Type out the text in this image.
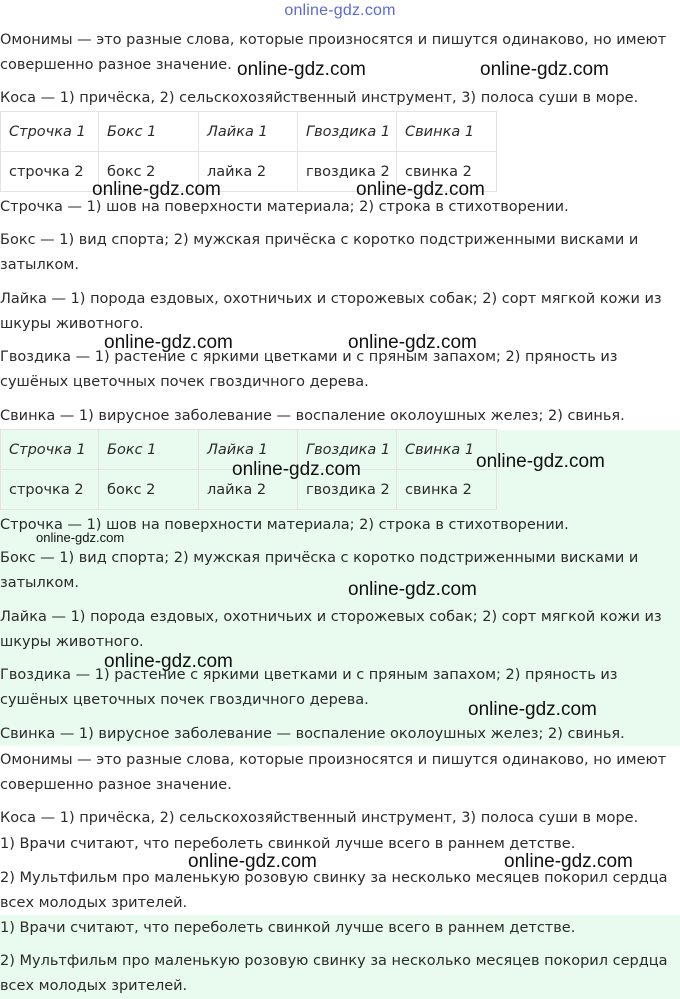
online-gdz.com

Омонимы — это разные слова, которые произносятся и пишутся одинаково, но имеют совершенно разное значение.

Коса — 1) причёска, 2) сельскохозяйственный инструмент, 3) полоса суши в море.

Строчка 1	Бокс 1	Лайка 1	Гвоздика 1	Свинка 1
строчка 2	бокс 2	лайка 2	гвоздика 2	свинка 2

Строчка — 1) шов на поверхности материала; 2) строка в стихотворении.

Бокс — 1) вид спорта; 2) мужская причёска с коротко подстриженными висками и затылком.

Лайка — 1) порода ездовых, охотничьих и сторожевых собак; 2) сорт мягкой кожи из шкуры животного.

Гвоздика — 1) растение с яркими цветками и с пряным запахом; 2) пряность из сушёных цветочных почек гвоздичного дерева.

Свинка — 1) вирусное заболевание — воспаление околоушных желез; 2) свинья.

Строчка 1	Бокс 1	Лайка 1	Гвоздика 1	Свинка 1
строчка 2	бокс 2	лайка 2	гвоздика 2	свинка 2

Строчка — 1) шов на поверхности материала; 2) строка в стихотворении.

Бокс — 1) вид спорта; 2) мужская причёска с коротко подстриженными висками и затылком.

Лайка — 1) порода ездовых, охотничьих и сторожевых собак; 2) сорт мягкой кожи из шкуры животного.

Гвоздика — 1) растение с яркими цветками и с пряным запахом; 2) пряность из сушёных цветочных почек гвоздичного дерева.

Свинка — 1) вирусное заболевание — воспаление околоушных желез; 2) свинья.

Омонимы — это разные слова, которые произносятся и пишутся одинаково, но имеют совершенно разное значение.

Коса — 1) причёска, 2) сельскохозяйственный инструмент, 3) полоса суши в море.

1) Врачи считают, что переболеть свинкой лучше всего в раннем детстве.

2) Мультфильм про маленькую розовую свинку за несколько месяцев покорил сердца всех молодых зрителей.

1) Врачи считают, что переболеть свинкой лучше всего в раннем детстве.

2) Мультфильм про маленькую розовую свинку за несколько месяцев покорил сердца всех молодых зрителей.

online-gdz.com	online-gdz.com
online-gdz.com	online-gdz.com
online-gdz.com	online-gdz.com
online-gdz.com	online-gdz.com
online-gdz.com
online-gdz.com
online-gdz.com
online-gdz.com
online-gdz.com	online-gdz.com
